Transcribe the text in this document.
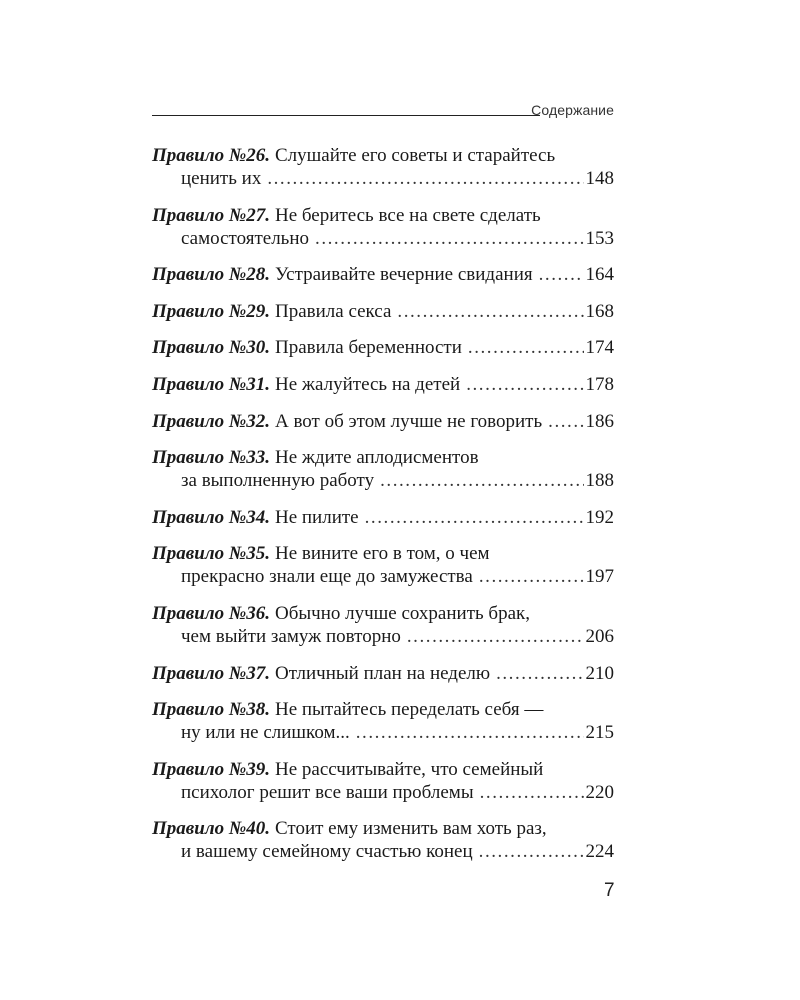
Содержание
Правило №26. Слушайте его советы и старайтесь
ценить их . . .	148
Правило №27. Не беритесь все на свете сделать
самостоятельно . . .	153
Правило №28. Устраивайте вечерние свидания . . .	164
Правило №29. Правила секса . . .	168
Правило №30. Правила беременности . . .	174
Правило №31. Не жалуйтесь на детей . . .	178
Правило №32. А вот об этом лучше не говорить . . . 186
Правило №33. Не ждите аплодисментов
за выполненную работу . . .	188
Правило №34. Не пилите . . .	192
Правило №35. Не вините его в том, о чем
прекрасно знали еще до замужества . . .	197
Правило №36. Обычно лучше сохранить брак,
чем выйти замуж повторно . . .	206
Правило №37. Отличный план на неделю . . .	210
Правило №38. Не пытайтесь переделать себя —
ну или не слишком... . . .	215
Правило №39. Не рассчитывайте, что семейный
психолог решит все ваши проблемы . . .	220
Правило №40. Стоит ему изменить вам хоть раз,
и вашему семейному счастью конец . . .	224
7
